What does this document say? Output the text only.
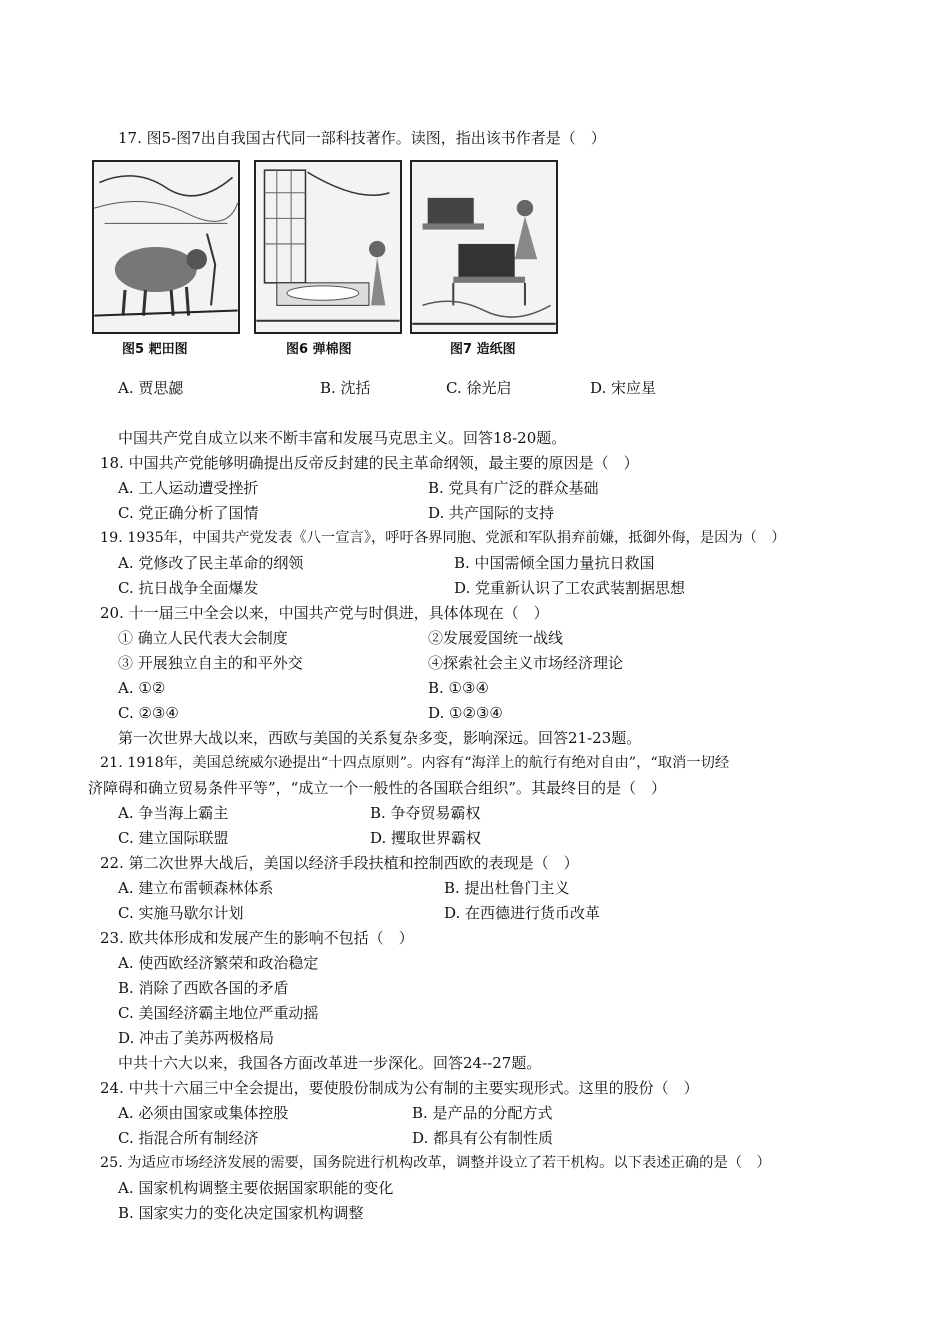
17. 图5-图7出自我国古代同一部科技著作。读图，指出该书作者是（　）
图5 耙田图	图6 弹棉图	图7 造纸图
A. 贾思勰	B. 沈括	C. 徐光启	D. 宋应星
中国共产党自成立以来不断丰富和发展马克思主义。回答18-20题。
18. 中国共产党能够明确提出反帝反封建的民主革命纲领，最主要的原因是（　）
A. 工人运动遭受挫折	B. 党具有广泛的群众基础
C. 党正确分析了国情	D. 共产国际的支持
19. 1935年，中国共产党发表《八一宣言》，呼吁各界同胞、党派和军队捐弃前嫌，抵御外侮，是因为（　）
A. 党修改了民主革命的纲领	B. 中国需倾全国力量抗日救国
C. 抗日战争全面爆发	D. 党重新认识了工农武装割据思想
20. 十一届三中全会以来，中国共产党与时俱进，具体体现在（　）
① 确立人民代表大会制度	②发展爱国统一战线
③ 开展独立自主的和平外交	④探索社会主义市场经济理论
A. ①②	B. ①③④
C. ②③④	D. ①②③④
第一次世界大战以来，西欧与美国的关系复杂多变，影响深远。回答21-23题。
21. 1918年，美国总统威尔逊提出“十四点原则”。内容有“海洋上的航行有绝对自由”，“取消一切经
济障碍和确立贸易条件平等”，“成立一个一般性的各国联合组织”。其最终目的是（　）
A. 争当海上霸主	B. 争夺贸易霸权
C. 建立国际联盟	D. 攫取世界霸权
22. 第二次世界大战后，美国以经济手段扶植和控制西欧的表现是（　）
A. 建立布雷顿森林体系	B. 提出杜鲁门主义
C. 实施马歇尔计划	D. 在西德进行货币改革
23. 欧共体形成和发展产生的影响不包括（　）
A. 使西欧经济繁荣和政治稳定
B. 消除了西欧各国的矛盾
C. 美国经济霸主地位严重动摇
D. 冲击了美苏两极格局
中共十六大以来，我国各方面改革进一步深化。回答24--27题。
24. 中共十六届三中全会提出，要使股份制成为公有制的主要实现形式。这里的股份（　）
A. 必须由国家或集体控股	B. 是产品的分配方式
C. 指混合所有制经济	D. 都具有公有制性质
25. 为适应市场经济发展的需要，国务院进行机构改革，调整并设立了若干机构。以下表述正确的是（　）
A. 国家机构调整主要依据国家职能的变化
B. 国家实力的变化决定国家机构调整
